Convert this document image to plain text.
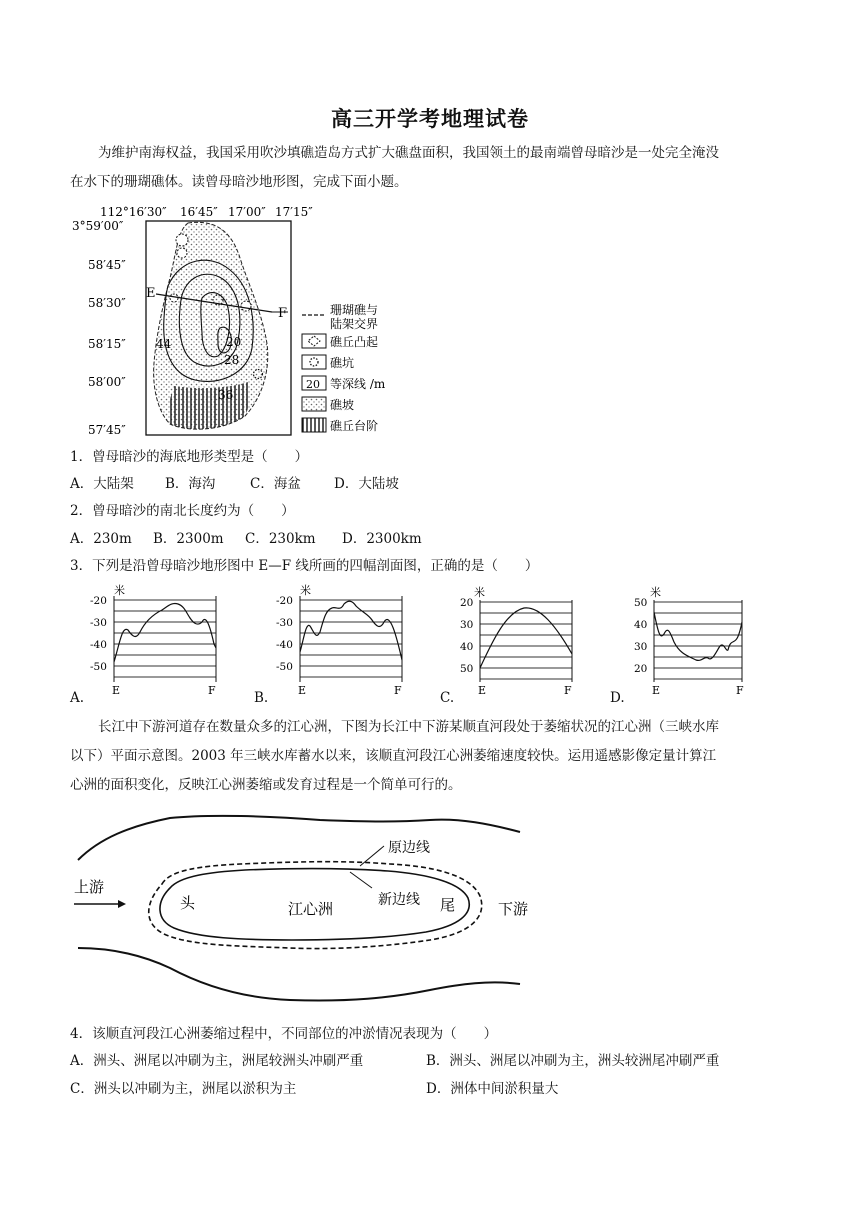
高三开学考地理试卷
为维护南海权益，我国采用吹沙填礁造岛方式扩大礁盘面积，我国领土的最南端曾母暗沙是一处完全淹没
在水下的珊瑚礁体。读曾母暗沙地形图，完成下面小题。
112°16′30″ 16′45″ 17′00″ 17′15″
3°59′00″
58′45″
58′30″
58′15″
58′00″
57′45″
E
F
44	20
28
36
珊瑚礁与
陆架交界
礁丘凸起
礁坑
20 等深线 /m
礁坡
礁丘台阶
1．曾母暗沙的海底地形类型是（　　）
A．大陆架 B．海沟	C．海盆 D．大陆坡
2．曾母暗沙的南北长度约为（　　）
A．230m B．2300m C．230km D．2300km
3．下列是沿曾母暗沙地形图中 E—F 线所画的四幅剖面图，正确的是（　　）
A.
米
-20
-30
-40
-50
E	F	B.
米
-20
-30
-40
-50
E	F	C.
米
20
30
40
50
E	F	D.
米
50
40
30
20
E	F
长江中下游河道存在数量众多的江心洲，下图为长江中下游某顺直河段处于萎缩状况的江心洲（三峡水库
以下）平面示意图。2003 年三峡水库蓄水以来，该顺直河段江心洲萎缩速度较快。运用遥感影像定量计算江
心洲的面积变化，反映江心洲萎缩或发育过程是一个简单可行的。
上游
下游
原边线
新边线
头	尾
江心洲
4．该顺直河段江心洲萎缩过程中，不同部位的冲淤情况表现为（　　）
A．洲头、洲尾以冲刷为主，洲尾较洲头冲刷严重	B．洲头、洲尾以冲刷为主，洲头较洲尾冲刷严重
C．洲头以冲刷为主，洲尾以淤积为主	D．洲体中间淤积量大
